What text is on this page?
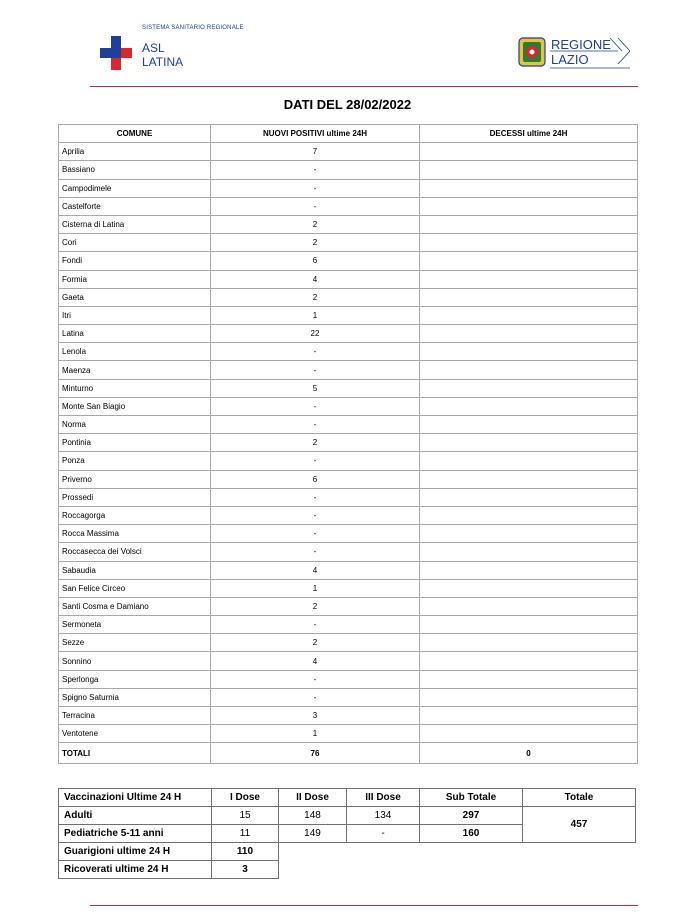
SISTEMA SANITARIO REGIONALE
ASL
LATINA
REGIONE
LAZIO
DATI DEL 28/02/2022
COMUNE	NUOVI POSITIVI ultime 24H	DECESSI ultime 24H
Aprilia	7	
Bassiano	-	
Campodimele	-	
Castelforte	-	
Cisterna di Latina	2	
Cori	2	
Fondi	6	
Formia	4	
Gaeta	2	
Itri	1	
Latina	22	
Lenola	-	
Maenza	-	
Minturno	5	
Monte San Biagio	-	
Norma	-	
Pontinia	2	
Ponza	-	
Priverno	6	
Prossedi	-	
Roccagorga	-	
Rocca Massima	-	
Roccasecca dei Volsci	-	
Sabaudia	4	
San Felice Circeo	1	
Santi Cosma e Damiano	2	
Sermoneta	-	
Sezze	2	
Sonnino	4	
Sperlonga	-	
Spigno Saturnia	-	
Terracina	3	
Ventotene	1	
TOTALI	76	0
Vaccinazioni Ultime 24 H	I Dose	II Dose	III Dose	Sub Totale	Totale
Adulti	15	148	134	297	457
Pediatriche 5-11 anni	11	149	-	160	
Guarigioni ultime 24 H	110				
Ricoverati ultime 24 H	3				
